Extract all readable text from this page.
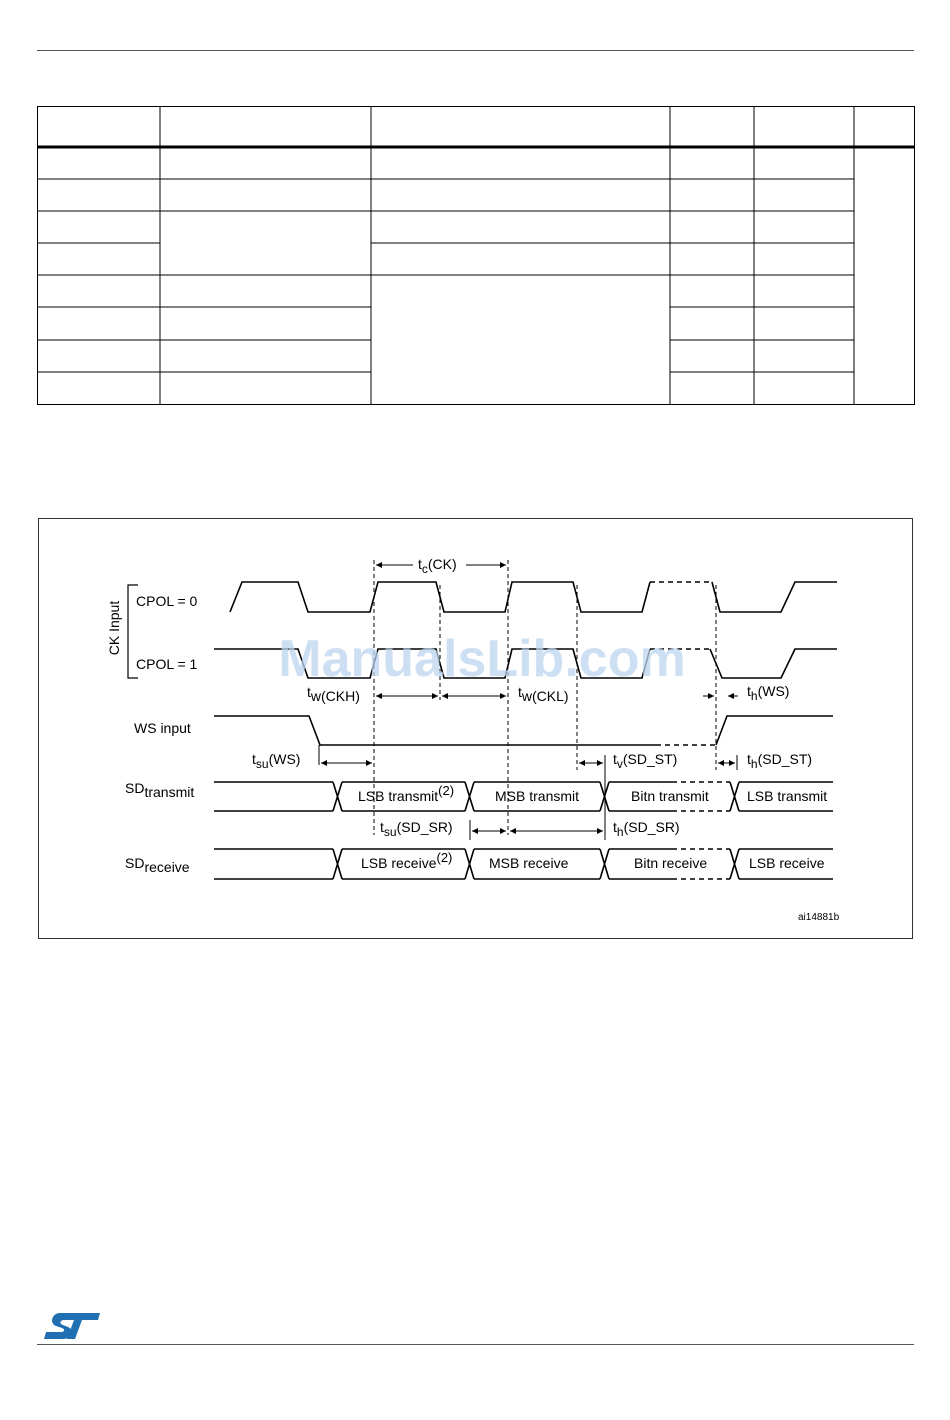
CK Input CPOL = 0
CPOL = 1
WS input
SDtransmit
SDreceive
tc(CK)
tw(CKH)	tw(CKL)	th(WS)
tsu(WS)	tv(SD_ST)	th(SD_ST)
tsu(SD_SR)	th(SD_SR)
LSB transmit(2)	MSB transmit	Bitn transmit	LSB transmit
LSB receive(2)	MSB receive	Bitn receive	LSB receive
ai14881b
ManualsLib.com
